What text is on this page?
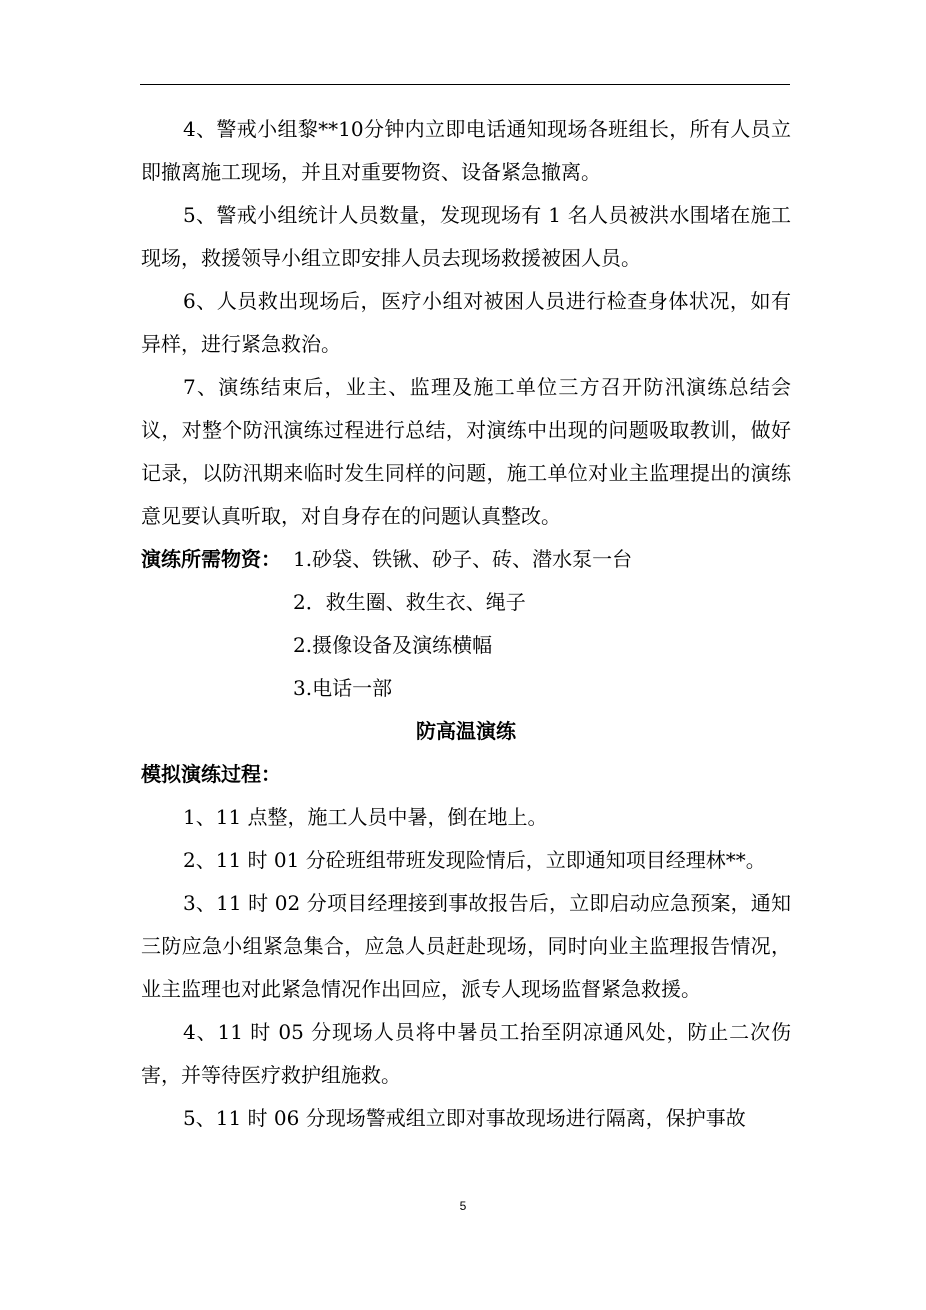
4、警戒小组黎**10分钟内立即电话通知现场各班组长，所有人员立即撤离施工现场，并且对重要物资、设备紧急撤离。

5、警戒小组统计人员数量，发现现场有 1 名人员被洪水围堵在施工现场，救援领导小组立即安排人员去现场救援被困人员。

6、人员救出现场后，医疗小组对被困人员进行检查身体状况，如有异样，进行紧急救治。

7、演练结束后，业主、监理及施工单位三方召开防汛演练总结会议，对整个防汛演练过程进行总结，对演练中出现的问题吸取教训，做好记录，以防汛期来临时发生同样的问题，施工单位对业主监理提出的演练意见要认真听取，对自身存在的问题认真整改。

演练所需物资： 1.砂袋、铁锹、砂子、砖、潜水泵一台
2．救生圈、救生衣、绳子
2.摄像设备及演练横幅
3.电话一部

防高温演练

模拟演练过程：

1、11 点整，施工人员中暑，倒在地上。

2、11 时 01 分砼班组带班发现险情后，立即通知项目经理林**。

3、11 时 02 分项目经理接到事故报告后，立即启动应急预案，通知三防应急小组紧急集合，应急人员赶赴现场，同时向业主监理报告情况，业主监理也对此紧急情况作出回应，派专人现场监督紧急救援。

4、11 时 05 分现场人员将中暑员工抬至阴凉通风处，防止二次伤害，并等待医疗救护组施救。

5、11 时 06 分现场警戒组立即对事故现场进行隔离，保护事故

5
